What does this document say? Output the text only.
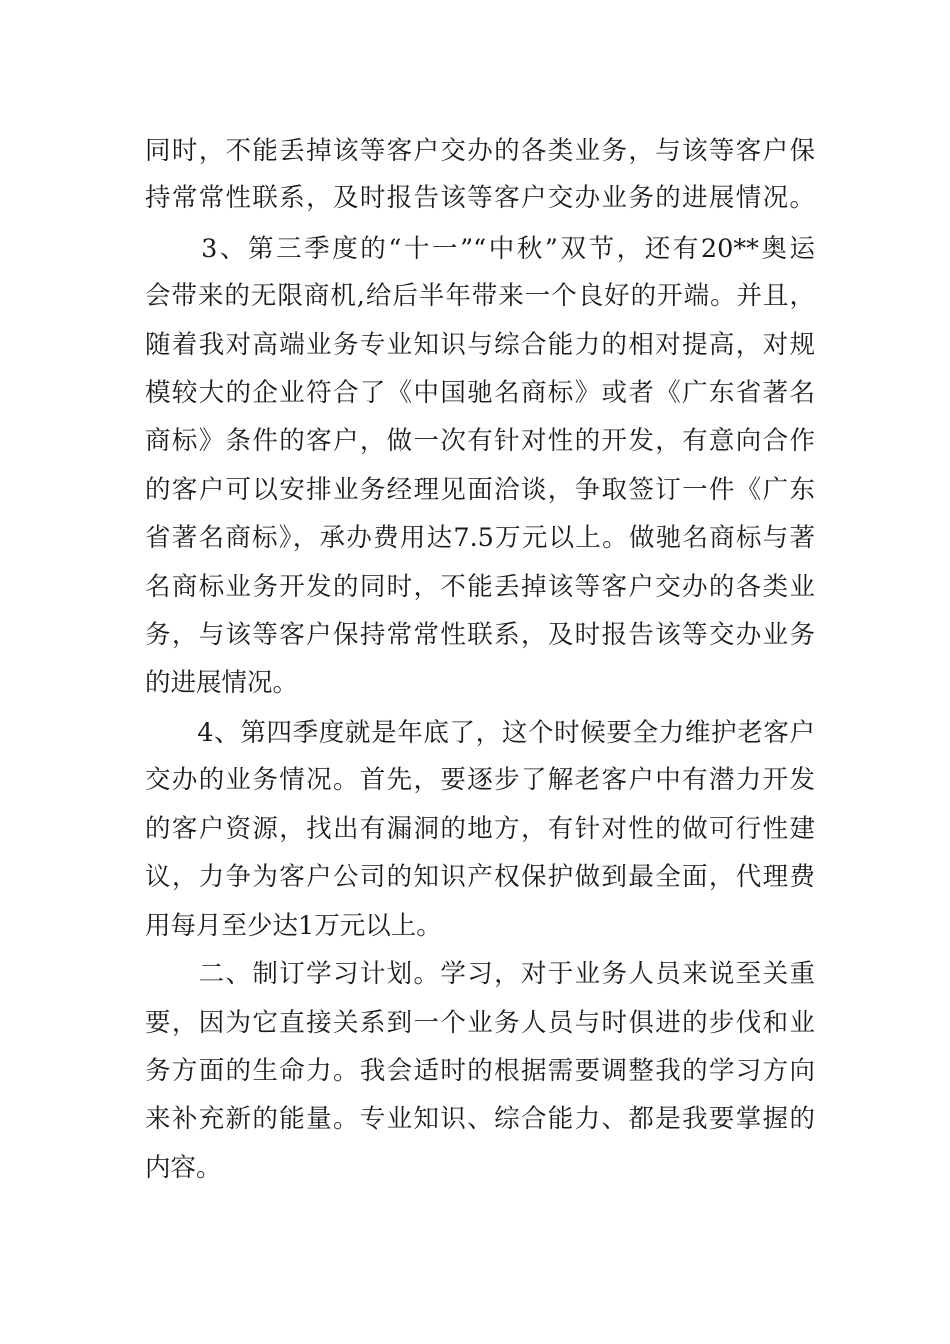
同时，不能丢掉该等客户交办的各类业务，与该等客户保
持常常性联系，及时报告该等客户交办业务的进展情况。
　　3、第三季度的“十一”“中秋”双节，还有20**奥运
会带来的无限商机,给后半年带来一个良好的开端。并且，
随着我对高端业务专业知识与综合能力的相对提高，对规
模较大的企业符合了《中国驰名商标》或者《广东省著名
商标》条件的客户，做一次有针对性的开发，有意向合作
的客户可以安排业务经理见面洽谈，争取签订一件《广东
省著名商标》，承办费用达7.5万元以上。做驰名商标与著
名商标业务开发的同时，不能丢掉该等客户交办的各类业
务，与该等客户保持常常性联系，及时报告该等交办业务
的进展情况。
　　4、第四季度就是年底了，这个时候要全力维护老客户
交办的业务情况。首先，要逐步了解老客户中有潜力开发
的客户资源，找出有漏洞的地方，有针对性的做可行性建
议，力争为客户公司的知识产权保护做到最全面，代理费
用每月至少达1万元以上。
　　二、制订学习计划。学习，对于业务人员来说至关重
要，因为它直接关系到一个业务人员与时俱进的步伐和业
务方面的生命力。我会适时的根据需要调整我的学习方向
来补充新的能量。专业知识、综合能力、都是我要掌握的
内容。
